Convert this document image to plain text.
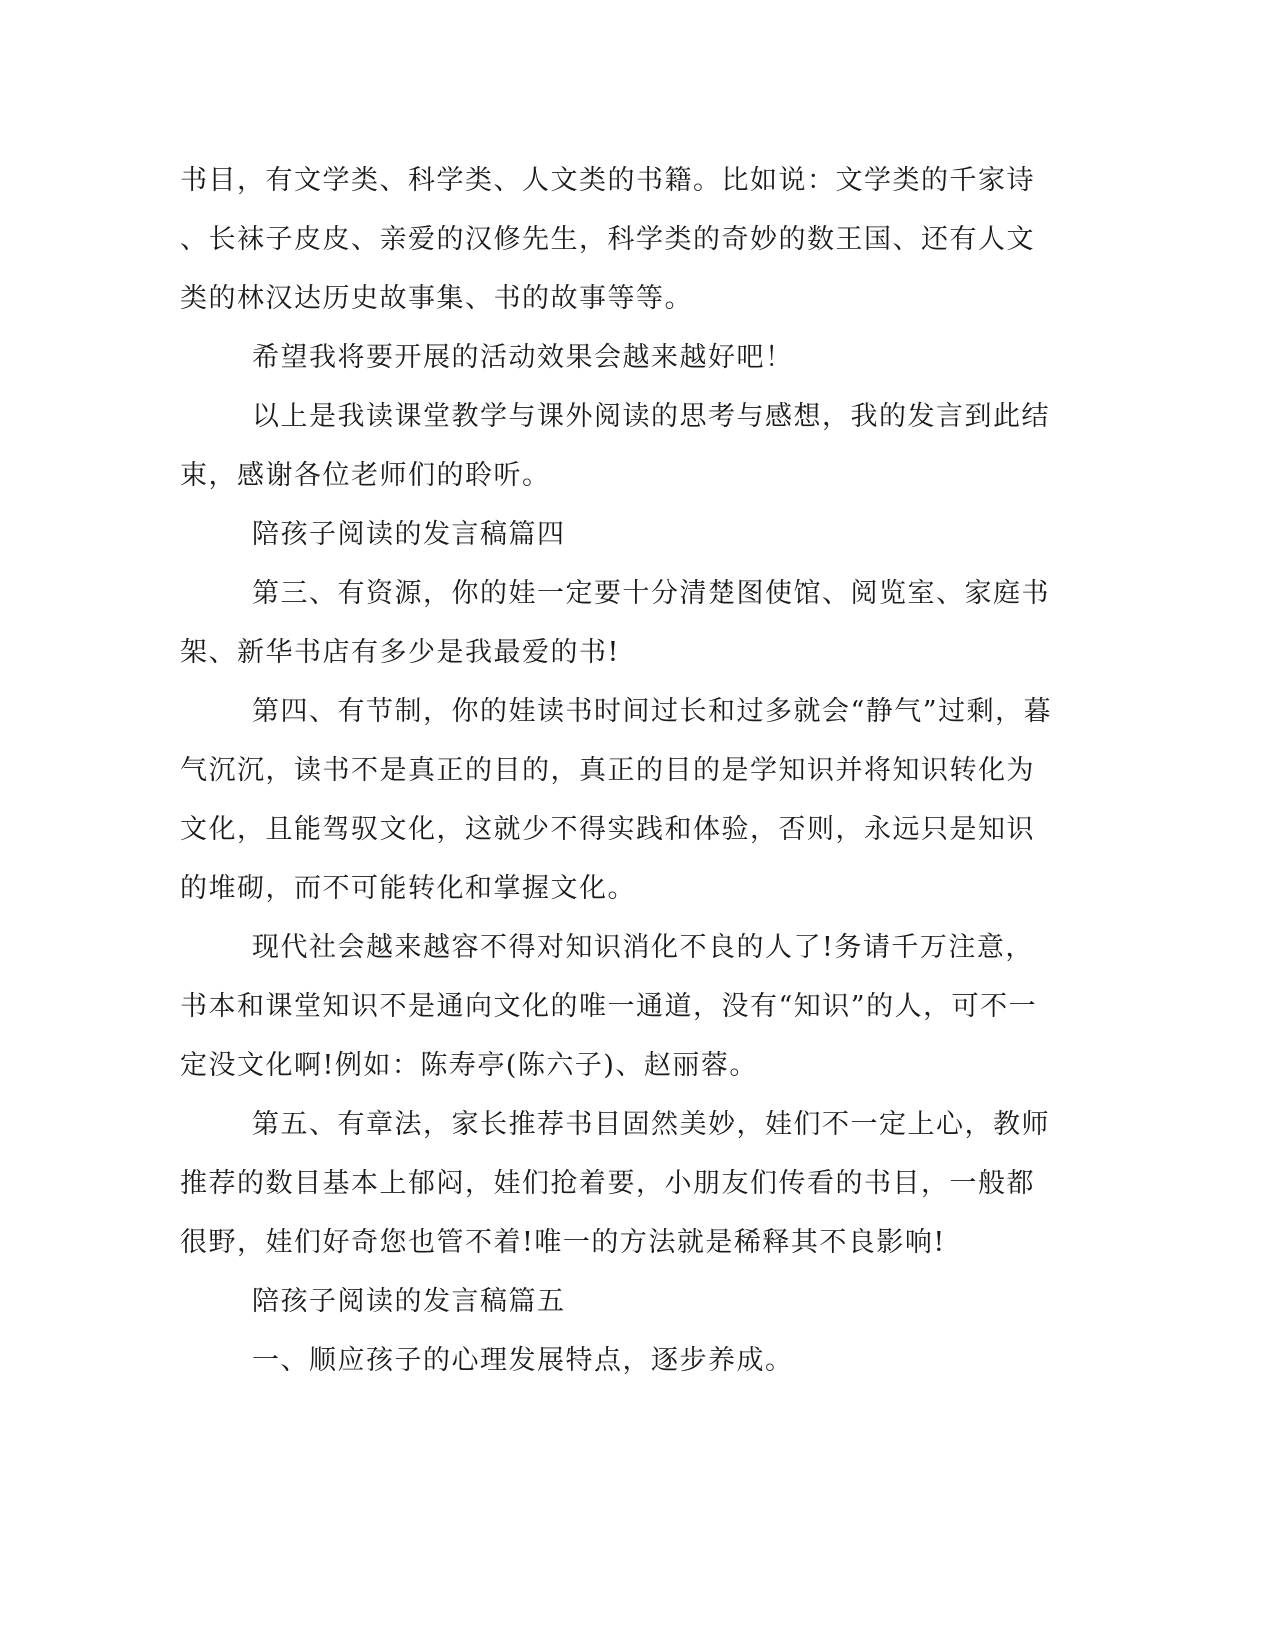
书目，有文学类、科学类、人文类的书籍。比如说：文学类的千家诗
、长袜子皮皮、亲爱的汉修先生，科学类的奇妙的数王国、还有人文
类的林汉达历史故事集、书的故事等等。
希望我将要开展的活动效果会越来越好吧！
以上是我读课堂教学与课外阅读的思考与感想，我的发言到此结
束，感谢各位老师们的聆听。
陪孩子阅读的发言稿篇四
第三、有资源，你的娃一定要十分清楚图使馆、阅览室、家庭书
架、新华书店有多少是我最爱的书!
第四、有节制，你的娃读书时间过长和过多就会“静气”过剩，暮
气沉沉，读书不是真正的目的，真正的目的是学知识并将知识转化为
文化，且能驾驭文化，这就少不得实践和体验，否则，永远只是知识
的堆砌，而不可能转化和掌握文化。
现代社会越来越容不得对知识消化不良的人了!务请千万注意，
书本和课堂知识不是通向文化的唯一通道，没有“知识”的人，可不一
定没文化啊!例如：陈寿亭(陈六子)、赵丽蓉。
第五、有章法，家长推荐书目固然美妙，娃们不一定上心，教师
推荐的数目基本上郁闷，娃们抢着要，小朋友们传看的书目，一般都
很野，娃们好奇您也管不着!唯一的方法就是稀释其不良影响!
陪孩子阅读的发言稿篇五
一、顺应孩子的心理发展特点，逐步养成。
